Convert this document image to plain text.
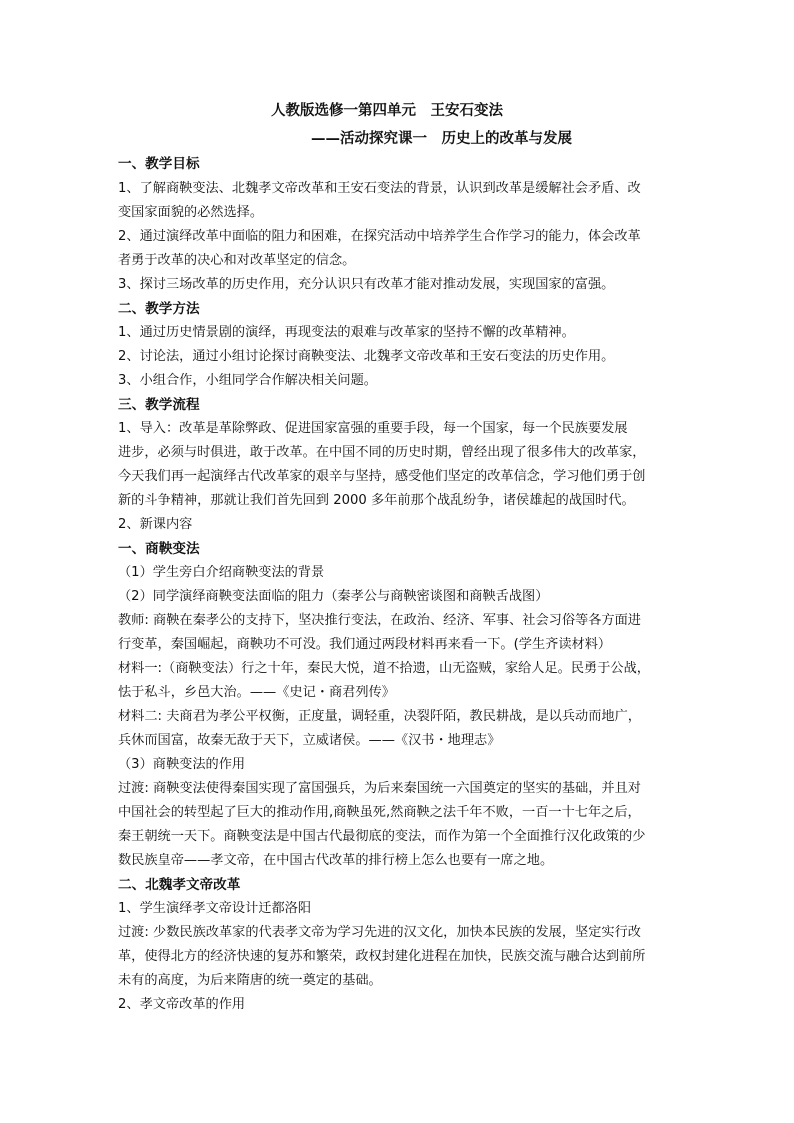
人教版选修一第四单元　王安石变法
——活动探究课一　历史上的改革与发展
一、教学目标
1、了解商鞅变法、北魏孝文帝改革和王安石变法的背景，认识到改革是缓解社会矛盾、改
变国家面貌的必然选择。
2、通过演绎改革中面临的阻力和困难，在探究活动中培养学生合作学习的能力，体会改革
者勇于改革的决心和对改革坚定的信念。
3、探讨三场改革的历史作用，充分认识只有改革才能对推动发展，实现国家的富强。
二、教学方法
1、通过历史情景剧的演绎，再现变法的艰难与改革家的坚持不懈的改革精神。
2、讨论法，通过小组讨论探讨商鞅变法、北魏孝文帝改革和王安石变法的历史作用。
3、小组合作，小组同学合作解决相关问题。
三、教学流程
1、导入：改革是革除弊政、促进国家富强的重要手段，每一个国家，每一个民族要发展
进步，必须与时俱进，敢于改革。在中国不同的历史时期，曾经出现了很多伟大的改革家，
今天我们再一起演绎古代改革家的艰辛与坚持，感受他们坚定的改革信念，学习他们勇于创
新的斗争精神，那就让我们首先回到 2000 多年前那个战乱纷争，诸侯雄起的战国时代。
2、新课内容
一、商鞅变法
（1）学生旁白介绍商鞅变法的背景
（2）同学演绎商鞅变法面临的阻力（秦孝公与商鞅密谈图和商鞅舌战图）
教师: 商鞅在秦孝公的支持下，坚决推行变法，在政治、经济、军事、社会习俗等各方面进
行变革，秦国崛起，商鞅功不可没。我们通过两段材料再来看一下。(学生齐读材料）
材料一:（商鞅变法）行之十年，秦民大悦，道不拾遗，山无盗贼，家给人足。民勇于公战，
怯于私斗，乡邑大治。——《史记・商君列传》
材料二: 夫商君为孝公平权衡，正度量，调轻重，决裂阡陌，教民耕战，是以兵动而地广，
兵休而国富，故秦无敌于天下，立威诸侯。——《汉书・地理志》
（3）商鞅变法的作用
过渡: 商鞅变法使得秦国实现了富国强兵，为后来秦国统一六国奠定的坚实的基础，并且对
中国社会的转型起了巨大的推动作用,商鞅虽死,然商鞅之法千年不败，一百一十七年之后，
秦王朝统一天下。商鞅变法是中国古代最彻底的变法，而作为第一个全面推行汉化政策的少
数民族皇帝——孝文帝，在中国古代改革的排行榜上怎么也要有一席之地。
二、北魏孝文帝改革
1、学生演绎孝文帝设计迁都洛阳
过渡: 少数民族改革家的代表孝文帝为学习先进的汉文化，加快本民族的发展，坚定实行改
革，使得北方的经济快速的复苏和繁荣，政权封建化进程在加快，民族交流与融合达到前所
未有的高度，为后来隋唐的统一奠定的基础。
2、孝文帝改革的作用
